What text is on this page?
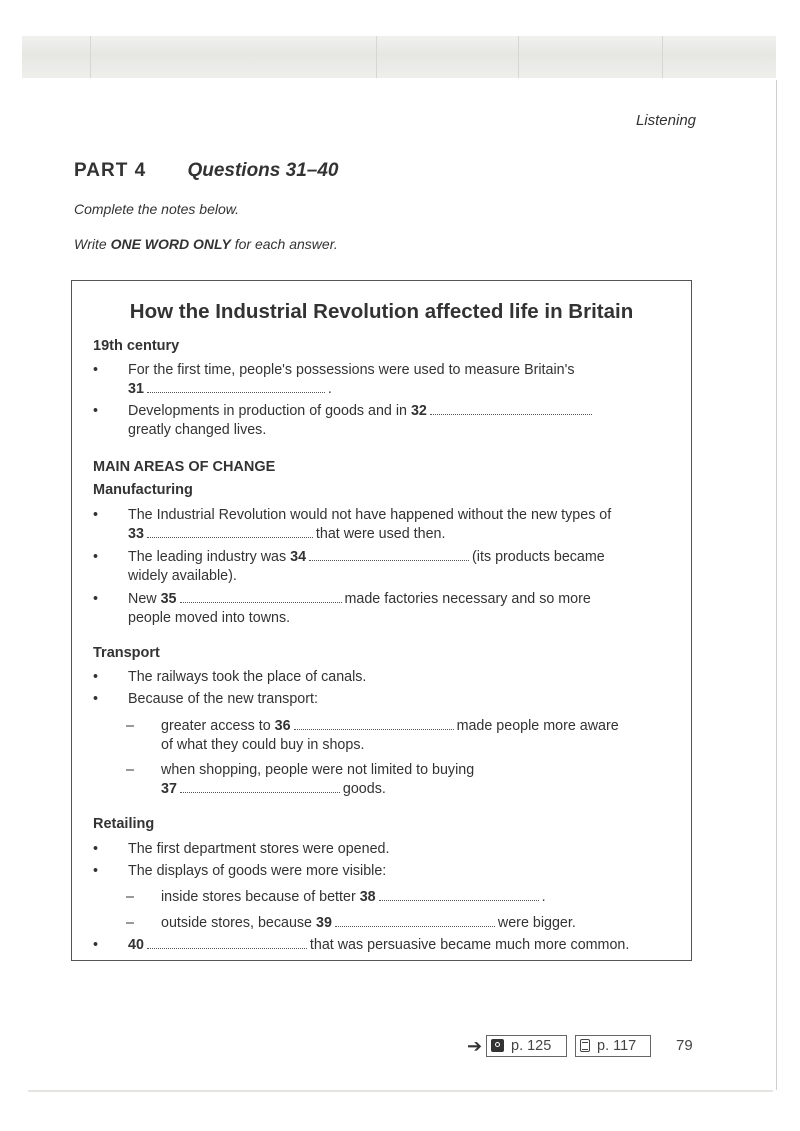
Listening
PART 4 Questions 31–40
Complete the notes below.
Write ONE WORD ONLY for each answer.
How the Industrial Revolution affected life in Britain
19th century
•	For the first time, people's possessions were used to measure Britain's
31	.
•	Developments in production of goods and in 32
greatly changed lives.
MAIN AREAS OF CHANGE
Manufacturing
•	The Industrial Revolution would not have happened without the new types of
33	that were used then.
•	The leading industry was 34	(its products became
widely available).
•	New 35	made factories necessary and so more
people moved into towns.
Transport
•	The railways took the place of canals.
•	Because of the new transport:
– greater access to 36	made people more aware
of what they could buy in shops.
– when shopping, people were not limited to buying
37	goods.
Retailing
•	The first department stores were opened.
•	The displays of goods were more visible:
– inside stores because of better 38	.
– outside stores, because 39	were bigger.
•	40	that was persuasive became much more common.
➔	p. 125	p. 117	79
